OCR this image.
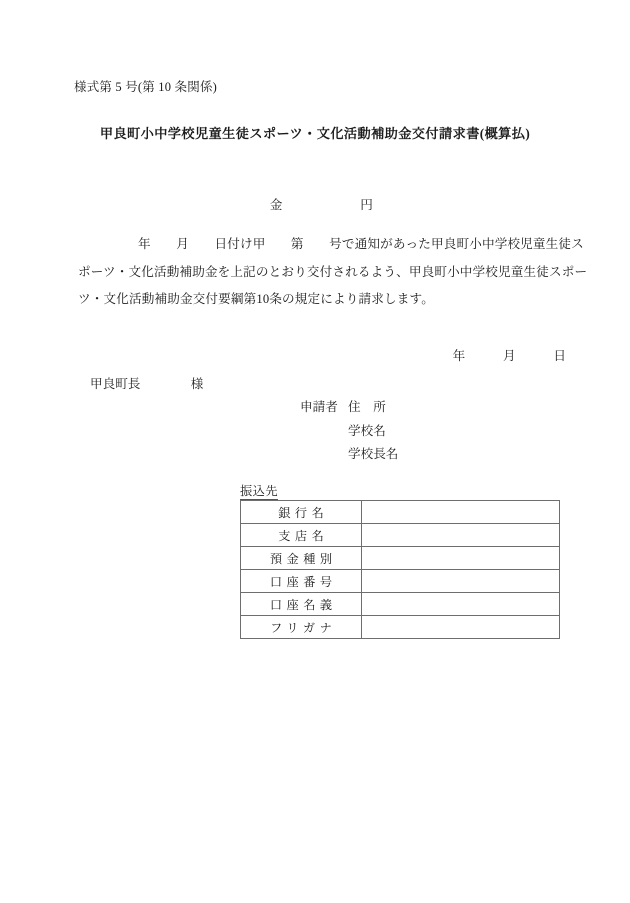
様式第 5 号(第 10 条関係)
甲良町小中学校児童生徒スポーツ・文化活動補助金交付請求書(概算払)

金	円

年　　月　　日付け甲　　第　　号で通知があった甲良町小中学校児童生徒ス
ポーツ・文化活動補助金を上記のとおり交付されるよう、甲良町小中学校児童生徒スポー
ツ・文化活動補助金交付要綱第10条の規定により請求します。
年　　　月　　　日
甲良町長　　　　様
申請者 住　所
学校名
学校長名
振込先
銀行名	
支店名	
預金種別	
口座番号	
口座名義	
フリガナ	
